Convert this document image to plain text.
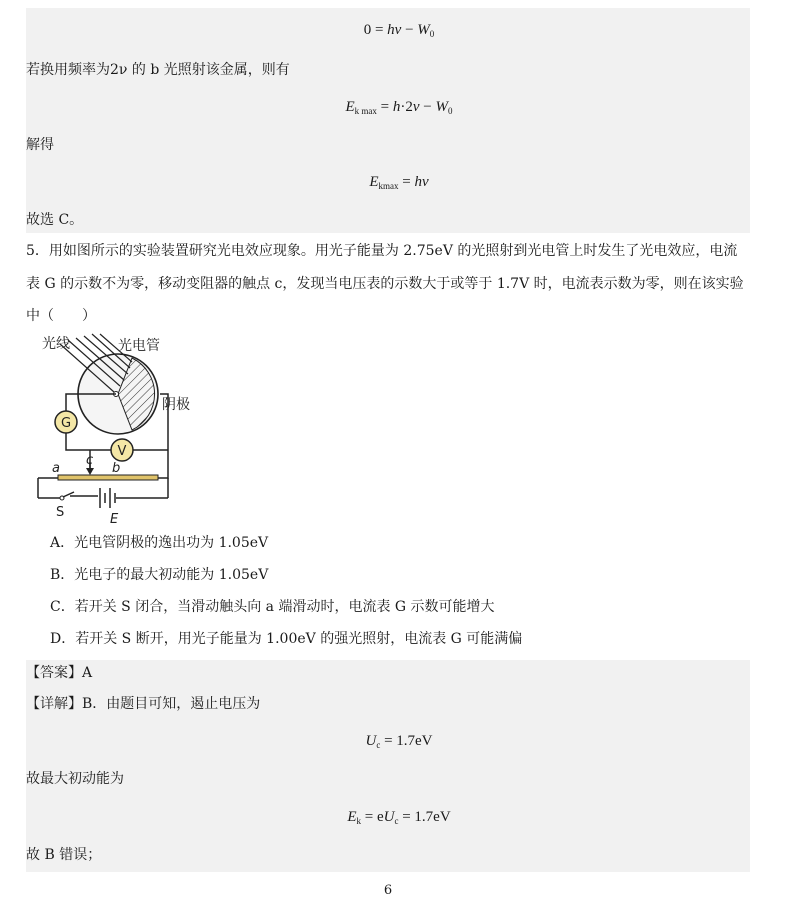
$0 = h\nu - W_0$
若换用频率为2ν 的 b 光照射该金属，则有
$E_{k max} = h\cdot 2\nu - W_0$
解得
$E_{kmax} = h\nu$
故选 C。
5．用如图所示的实验装置研究光电效应现象。用光子能量为 2.75eV 的光照射到光电管上时发生了光电效应，电流
表 G 的示数不为零，移动变阻器的触点 c，发现当电压表的示数大于或等于 1.7V 时，电流表示数为零，则在该实验
中（　　）
G
V
光线	光电管
阴极
a
c
b
S	E
A．光电管阴极的逸出功为 1.05eV
B．光电子的最大初动能为 1.05eV
C．若开关 S 闭合，当滑动触头向 a 端滑动时，电流表 G 示数可能增大
D．若开关 S 断开，用光子能量为 1.00eV 的强光照射，电流表 G 可能满偏
【答案】A
【详解】B．由题目可知，遏止电压为
$U_c = 1.7eV$
故最大初动能为
$E_k = eU_c = 1.7eV$
故 B 错误；
6
